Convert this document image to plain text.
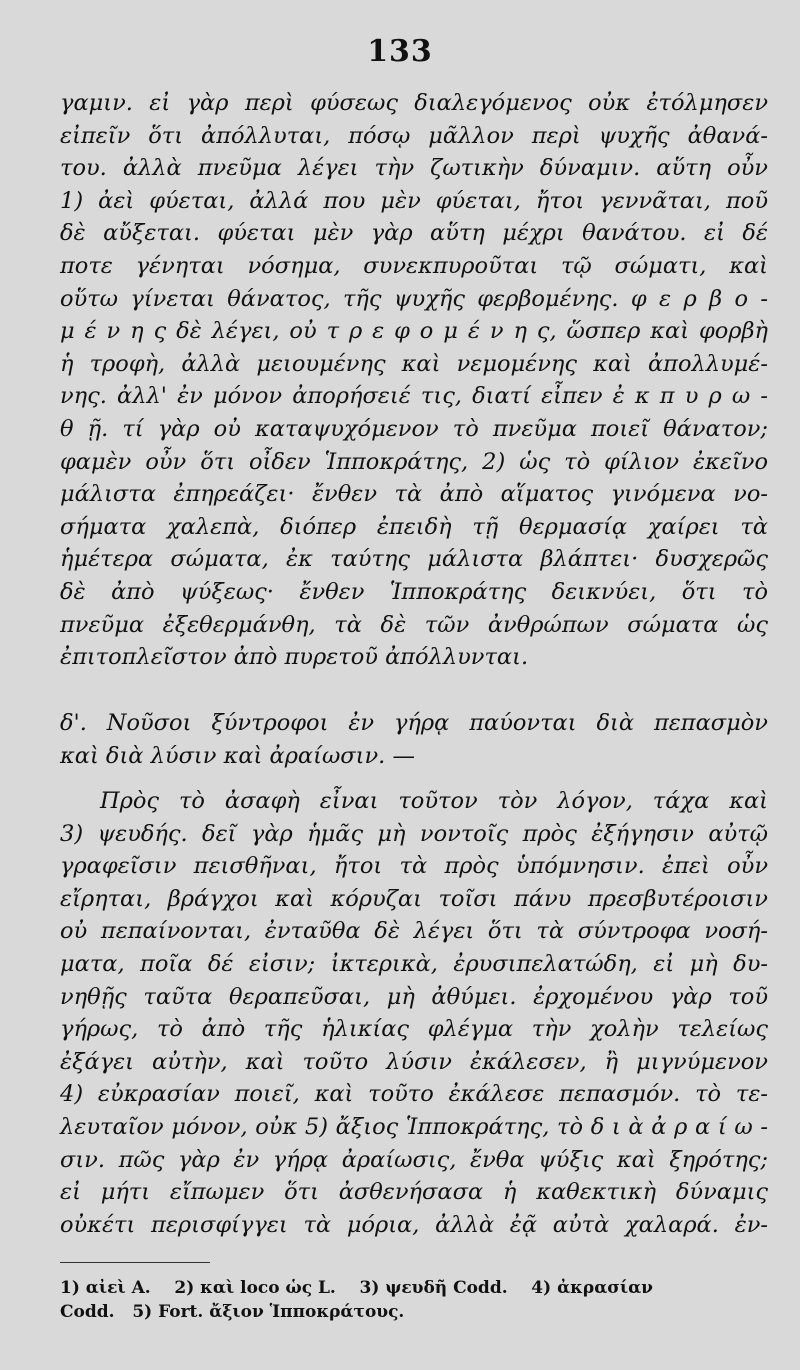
133
γαμιν. εἰ γὰρ περὶ φύσεως διαλεγόμενος οὐκ ἐτόλμησεν
εἰπεῖν ὅτι ἀπόλλυται, πόσῳ μᾶλλον περὶ ψυχῆς ἀθανά-
του. ἀλλὰ πνεῦμα λέγει τὴν ζωτικὴν δύναμιν. αὕτη οὖν
1) ἀεὶ φύεται, ἀλλά που μὲν φύεται, ἤτοι γεννᾶται, ποῦ
δὲ αὔξεται. φύεται μὲν γὰρ αὕτη μέχρι θανάτου. εἰ δέ
ποτε γένηται νόσημα, συνεκπυροῦται τῷ σώματι, καὶ
οὕτω γίνεται θάνατος, τῆς ψυχῆς φερβομένης. φ ε ρ β ο -
μ έ ν η ς δὲ λέγει, οὐ τ ρ ε φ ο μ έ ν η ς, ὥσπερ καὶ φορβὴ
ἡ τροφὴ, ἀλλὰ μειουμένης καὶ νεμομένης καὶ ἀπολλυμέ-
νης. ἀλλ' ἐν μόνον ἀπορήσειέ τις, διατί εἶπεν ἐ κ π υ ρ ω -
θ ῇ. τί γὰρ οὐ καταψυχόμενον τὸ πνεῦμα ποιεῖ θάνατον;
φαμὲν οὖν ὅτι οἶδεν Ἱπποκράτης, 2) ὡς τὸ φίλιον ἐκεῖνο
μάλιστα ἐπηρεάζει· ἔνθεν τὰ ἀπὸ αἵματος γινόμενα νο-
σήματα χαλεπὰ, διόπερ ἐπειδὴ τῇ θερμασίᾳ χαίρει τὰ
ἡμέτερα σώματα, ἐκ ταύτης μάλιστα βλάπτει· δυσχερῶς
δὲ ἀπὸ ψύξεως· ἔνθεν Ἱπποκράτης δεικνύει, ὅτι τὸ
πνεῦμα ἐξεθερμάνθη, τὰ δὲ τῶν ἀνθρώπων σώματα ὡς
ἐπιτοπλεῖστον ἀπὸ πυρετοῦ ἀπόλλυνται.
δ'. Νοῦσοι ξύντροφοι ἐν γήρᾳ παύονται διὰ πεπασμὸν
καὶ διὰ λύσιν καὶ ἀραίωσιν. —
Πρὸς τὸ ἀσαφὴ εἶναι τοῦτον τὸν λόγον, τάχα καὶ
3) ψευδής. δεῖ γὰρ ἡμᾶς μὴ νοντοῖς πρὸς ἐξήγησιν αὐτῷ
γραφεῖσιν πεισθῆναι, ἤτοι τὰ πρὸς ὑπόμνησιν. ἐπεὶ οὖν
εἴρηται, βράγχοι καὶ κόρυζαι τοῖσι πάνυ πρεσβυτέροισιν
οὐ πεπαίνονται, ἐνταῦθα δὲ λέγει ὅτι τὰ σύντροφα νοσή-
ματα, ποῖα δέ εἰσιν; ἰκτερικὰ, ἐρυσιπελατώδη, εἰ μὴ δυ-
νηθῇς ταῦτα θεραπεῦσαι, μὴ ἀθύμει. ἐρχομένου γὰρ τοῦ
γήρως, τὸ ἀπὸ τῆς ἡλικίας φλέγμα τὴν χολὴν τελείως
ἐξάγει αὐτὴν, καὶ τοῦτο λύσιν ἐκάλεσεν, ἢ μιγνύμενον
4) εὐκρασίαν ποιεῖ, καὶ τοῦτο ἐκάλεσε πεπασμόν. τὸ τε-
λευταῖον μόνον, οὐκ 5) ἄξιος Ἱπποκράτης, τὸ δ ι ὰ ἀ ρ α ί ω -
σιν. πῶς γὰρ ἐν γήρᾳ ἀραίωσις, ἔνθα ψύξις καὶ ξηρότης;
εἰ μήτι εἴπωμεν ὅτι ἀσθενήσασα ἡ καθεκτικὴ δύναμις
οὐκέτι περισφίγγει τὰ μόρια, ἀλλὰ ἐᾷ αὐτὰ χαλαρά. ἐν-
1) αἰεὶ A.    2) καὶ loco ὡς L.    3) ψευδῆ Codd.    4) ἀκρασίαν
Codd.   5) Fort. ἄξιον Ἱπποκράτους.
